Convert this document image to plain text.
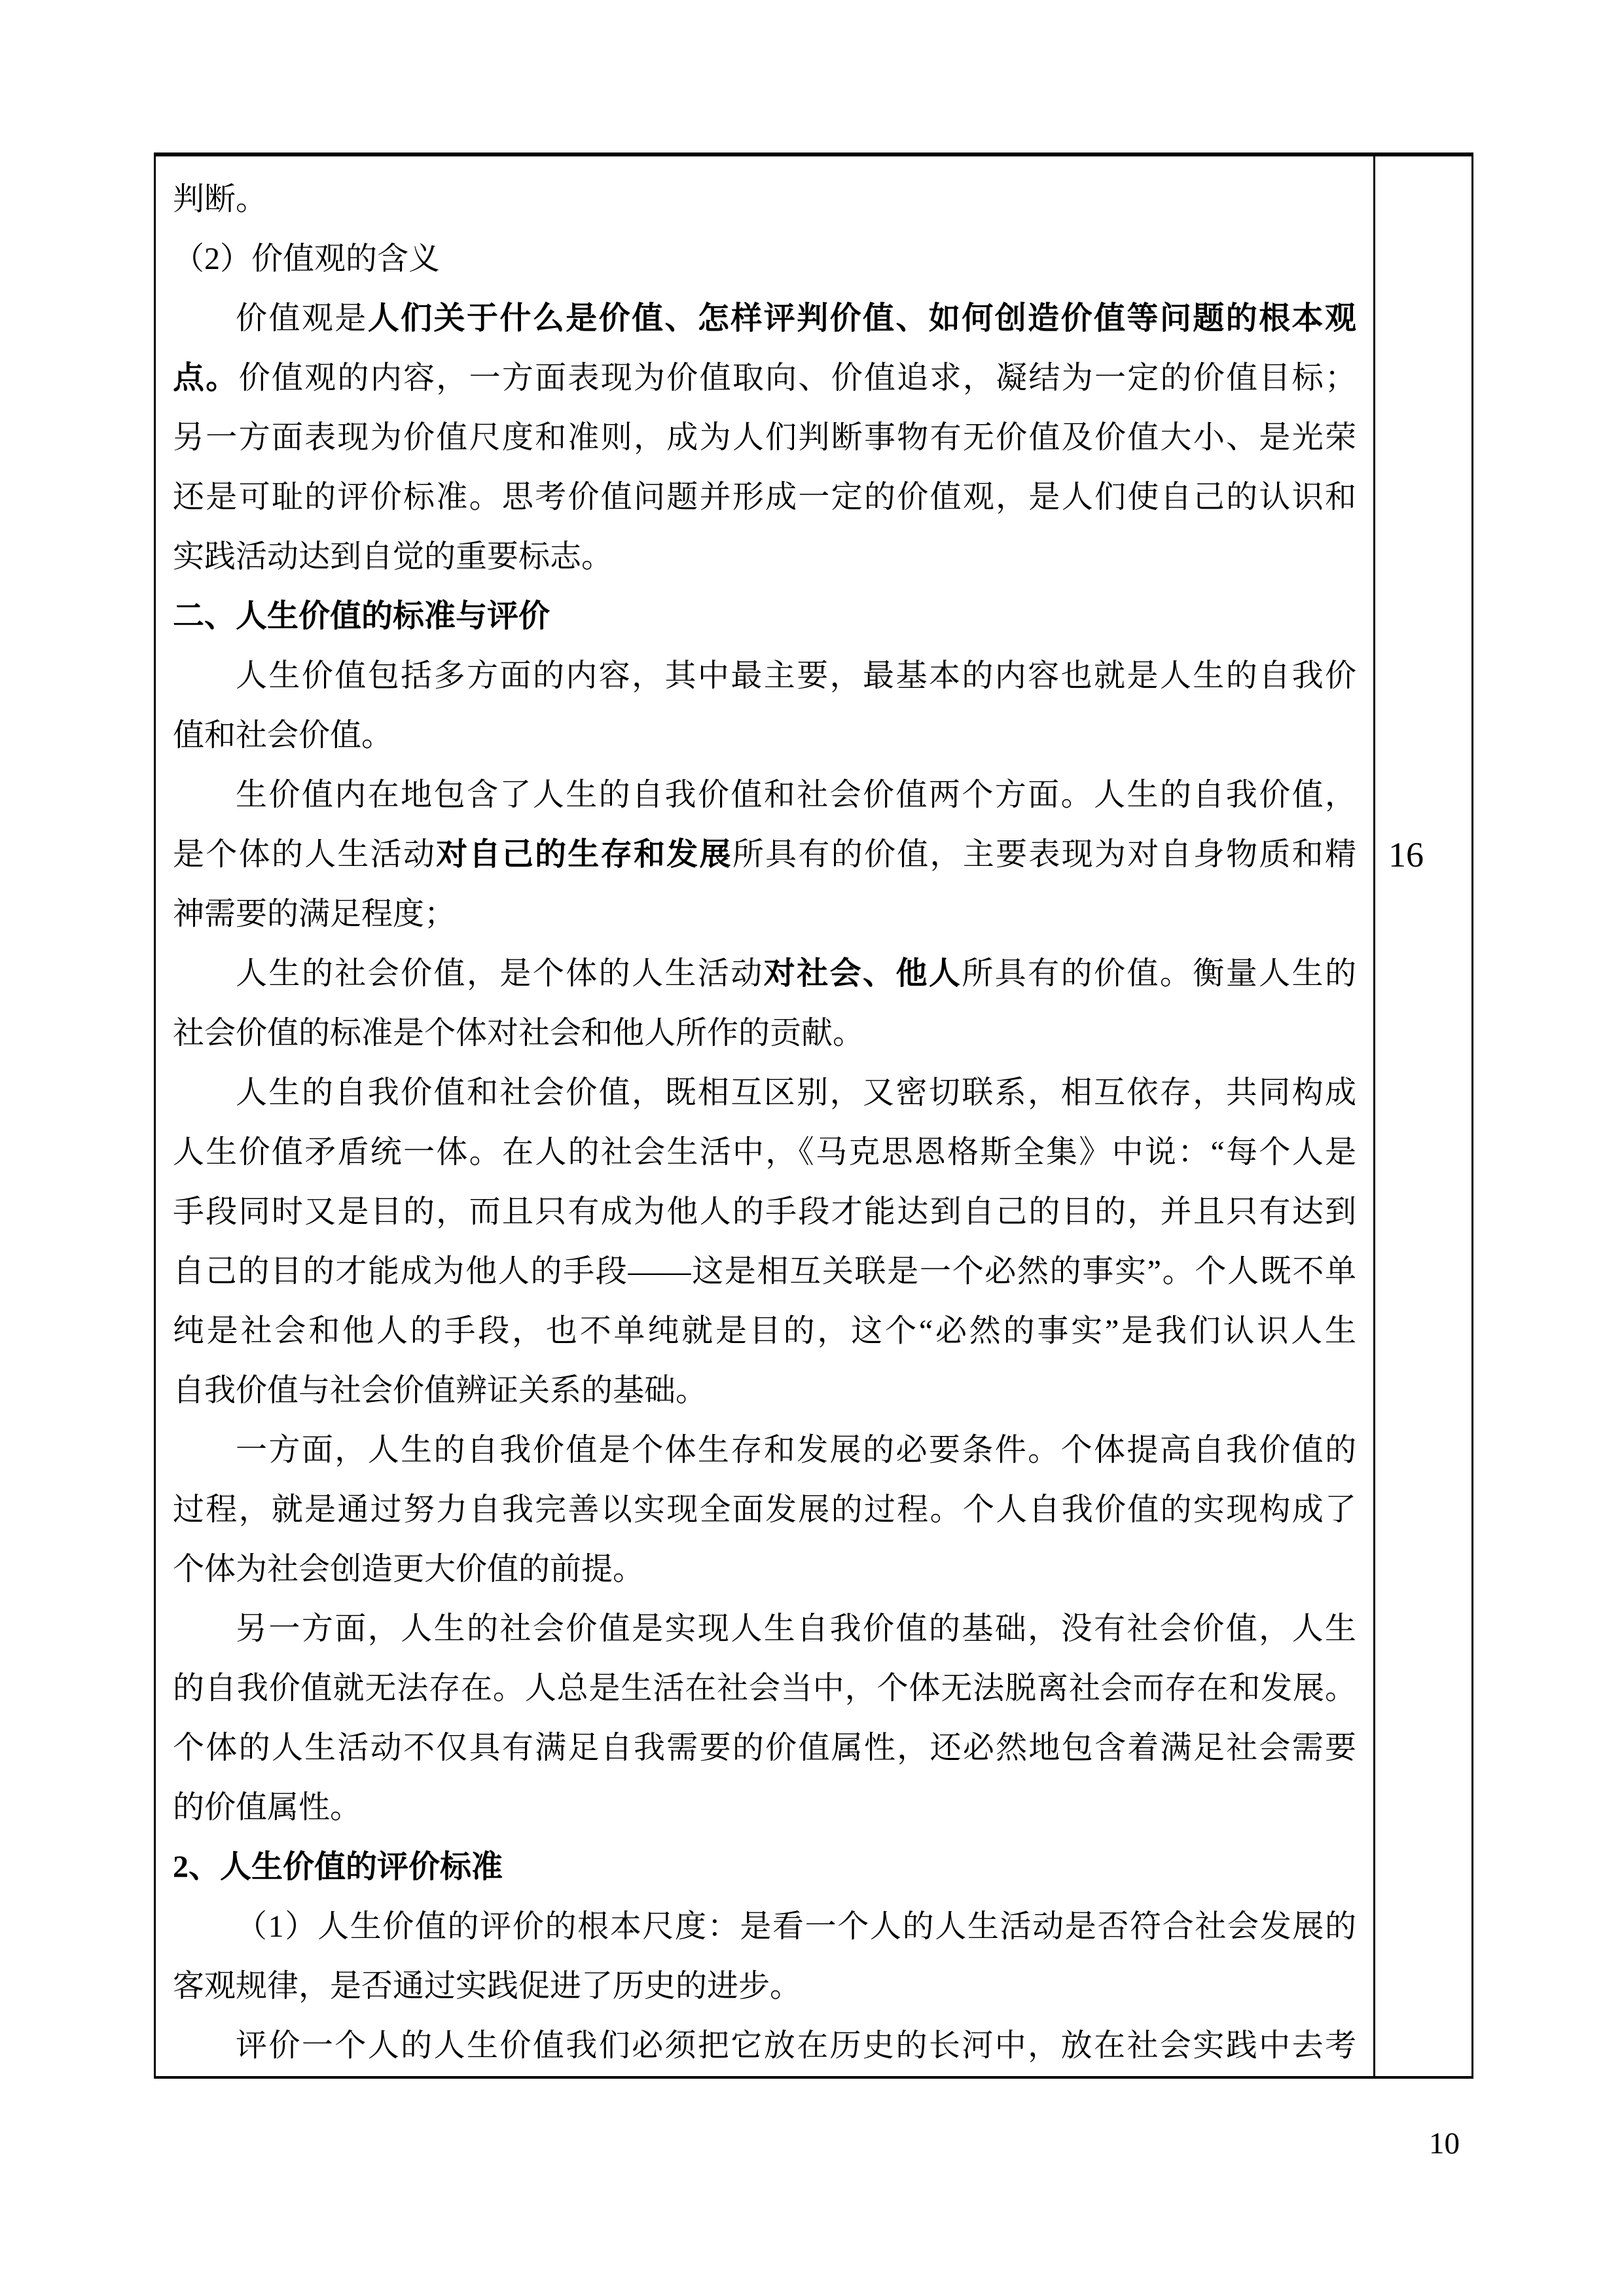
判断。
（2）价值观的含义
价值观是人们关于什么是价值、怎样评判价值、如何创造价值等问题的根本观
点。价值观的内容，一方面表现为价值取向、价值追求，凝结为一定的价值目标；
另一方面表现为价值尺度和准则，成为人们判断事物有无价值及价值大小、是光荣
还是可耻的评价标准。思考价值问题并形成一定的价值观，是人们使自己的认识和
实践活动达到自觉的重要标志。
二、人生价值的标准与评价
人生价值包括多方面的内容，其中最主要，最基本的内容也就是人生的自我价
值和社会价值。
生价值内在地包含了人生的自我价值和社会价值两个方面。人生的自我价值，
是个体的人生活动对自己的生存和发展所具有的价值，主要表现为对自身物质和精
神需要的满足程度；
人生的社会价值，是个体的人生活动对社会、他人所具有的价值。衡量人生的
社会价值的标准是个体对社会和他人所作的贡献。
人生的自我价值和社会价值，既相互区别，又密切联系，相互依存，共同构成
人生价值矛盾统一体。在人的社会生活中，《马克思恩格斯全集》中说：“每个人是
手段同时又是目的，而且只有成为他人的手段才能达到自己的目的，并且只有达到
自己的目的才能成为他人的手段——这是相互关联是一个必然的事实”。个人既不单
纯是社会和他人的手段，也不单纯就是目的，这个“必然的事实”是我们认识人生
自我价值与社会价值辨证关系的基础。
一方面，人生的自我价值是个体生存和发展的必要条件。个体提高自我价值的
过程，就是通过努力自我完善以实现全面发展的过程。个人自我价值的实现构成了
个体为社会创造更大价值的前提。
另一方面，人生的社会价值是实现人生自我价值的基础，没有社会价值，人生
的自我价值就无法存在。人总是生活在社会当中，个体无法脱离社会而存在和发展。
个体的人生活动不仅具有满足自我需要的价值属性，还必然地包含着满足社会需要
的价值属性。
2、人生价值的评价标准
（1）人生价值的评价的根本尺度：是看一个人的人生活动是否符合社会发展的
客观规律，是否通过实践促进了历史的进步。
评价一个人的人生价值我们必须把它放在历史的长河中，放在社会实践中去考
16
10
